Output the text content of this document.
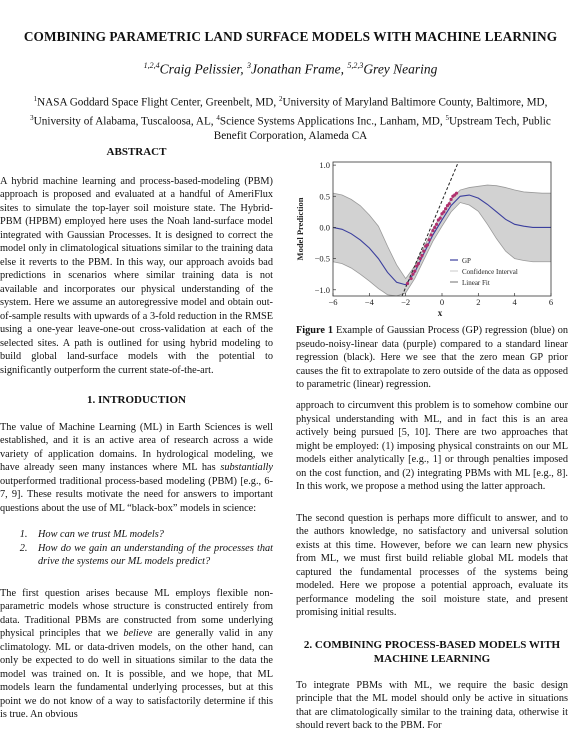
COMBINING PARAMETRIC LAND SURFACE MODELS WITH MACHINE LEARNING
$^{1,2,4}$Craig Pelissier, $^3$Jonathan Frame, $^{5,2,3}$Grey Nearing
$^1$NASA Goddard Space Flight Center, Greenbelt, MD, $^2$University of Maryland Baltimore County, Baltimore, MD,
$^3$University of Alabama, Tuscaloosa, AL, $^4$Science Systems Applications Inc., Lanham, MD, $^5$Upstream Tech, Public
Benefit Corporation, Alameda CA
ABSTRACT

A hybrid machine learning and process-based-modeling (PBM) approach is proposed and evaluated at a handful of AmeriFlux sites to simulate the top-layer soil moisture state. The Hybrid-PBM (HPBM) employed here uses the Noah land-surface model integrated with Gaussian Processes. It is designed to correct the model only in climatological situations similar to the training data else it reverts to the PBM. In this way, our approach avoids bad predictions in scenarios where similar training data is not available and incorporates our physical understanding of the system. Here we assume an autoregressive model and obtain out-of-sample results with upwards of a 3-fold reduction in the RMSE using a one-year leave-one-out cross-validation at each of the selected sites. A path is outlined for using hybrid modeling to build global land-surface models with the potential to significantly outperform the current state-of-the-art.

1. INTRODUCTION

The value of Machine Learning (ML) in Earth Sciences is well established, and it is an active area of research across a wide variety of application domains. In hydrological modeling, we have already seen many instances where ML has substantially outperformed traditional process-based modeling (PBM) [e.g., 6-7, 9]. These results motivate the need for answers to important questions about the use of ML “black-box” models in science:

1. How can we trust ML models?
2. How do we gain an understanding of the processes that drive the systems our ML models predict?

The first question arises because ML employs flexible non-parametric models whose structure is constructed entirely from data. Traditional PBMs are constructed from some underlying physical principles that we believe are generally valid in any climatology. ML or data-driven models, on the other hand, can only be expected to do well in situations similar to the data the model was trained on. It is possible, and we hope, that ML models learn the fundamental underlying processes, but at this point we do not know of a way to satisfactorily determine if this is true. An obvious

−6	−4	−2	0	2	4	6
−1.0
−0.5
0.0
0.5
1.0
x
Model Prediction
GP
Confidence Interval
Linear Fit

Figure 1 Example of Gaussian Process (GP) regression (blue) on pseudo-noisy-linear data (purple) compared to a standard linear regression (black). Here we see that the zero mean GP prior causes the fit to extrapolate to zero outside of the data as opposed to parametric (linear) regression.

approach to circumvent this problem is to somehow combine our physical understanding with ML, and in fact this is an area actively being pursued [5, 10]. There are two approaches that might be employed: (1) imposing physical constraints on our ML models either analytically [e.g., 1] or through penalties imposed on the cost function, and (2) integrating PBMs with ML [e.g., 8]. In this work, we propose a method using the latter approach.

The second question is perhaps more difficult to answer, and to the authors knowledge, no satisfactory and universal solution exists at this time. However, before we can learn new physics from ML, we must first build reliable global ML models that captured the fundamental processes of the systems being modeled. Here we propose a potential approach, evaluate its performance modeling the soil moisture state, and present promising initial results.

2. COMBINING PROCESS-BASED MODELS WITH
MACHINE LEARNING

To integrate PBMs with ML, we require the basic design principle that the ML model should only be active in situations that are climatologically similar to the training data, otherwise it should revert back to the PBM. For
